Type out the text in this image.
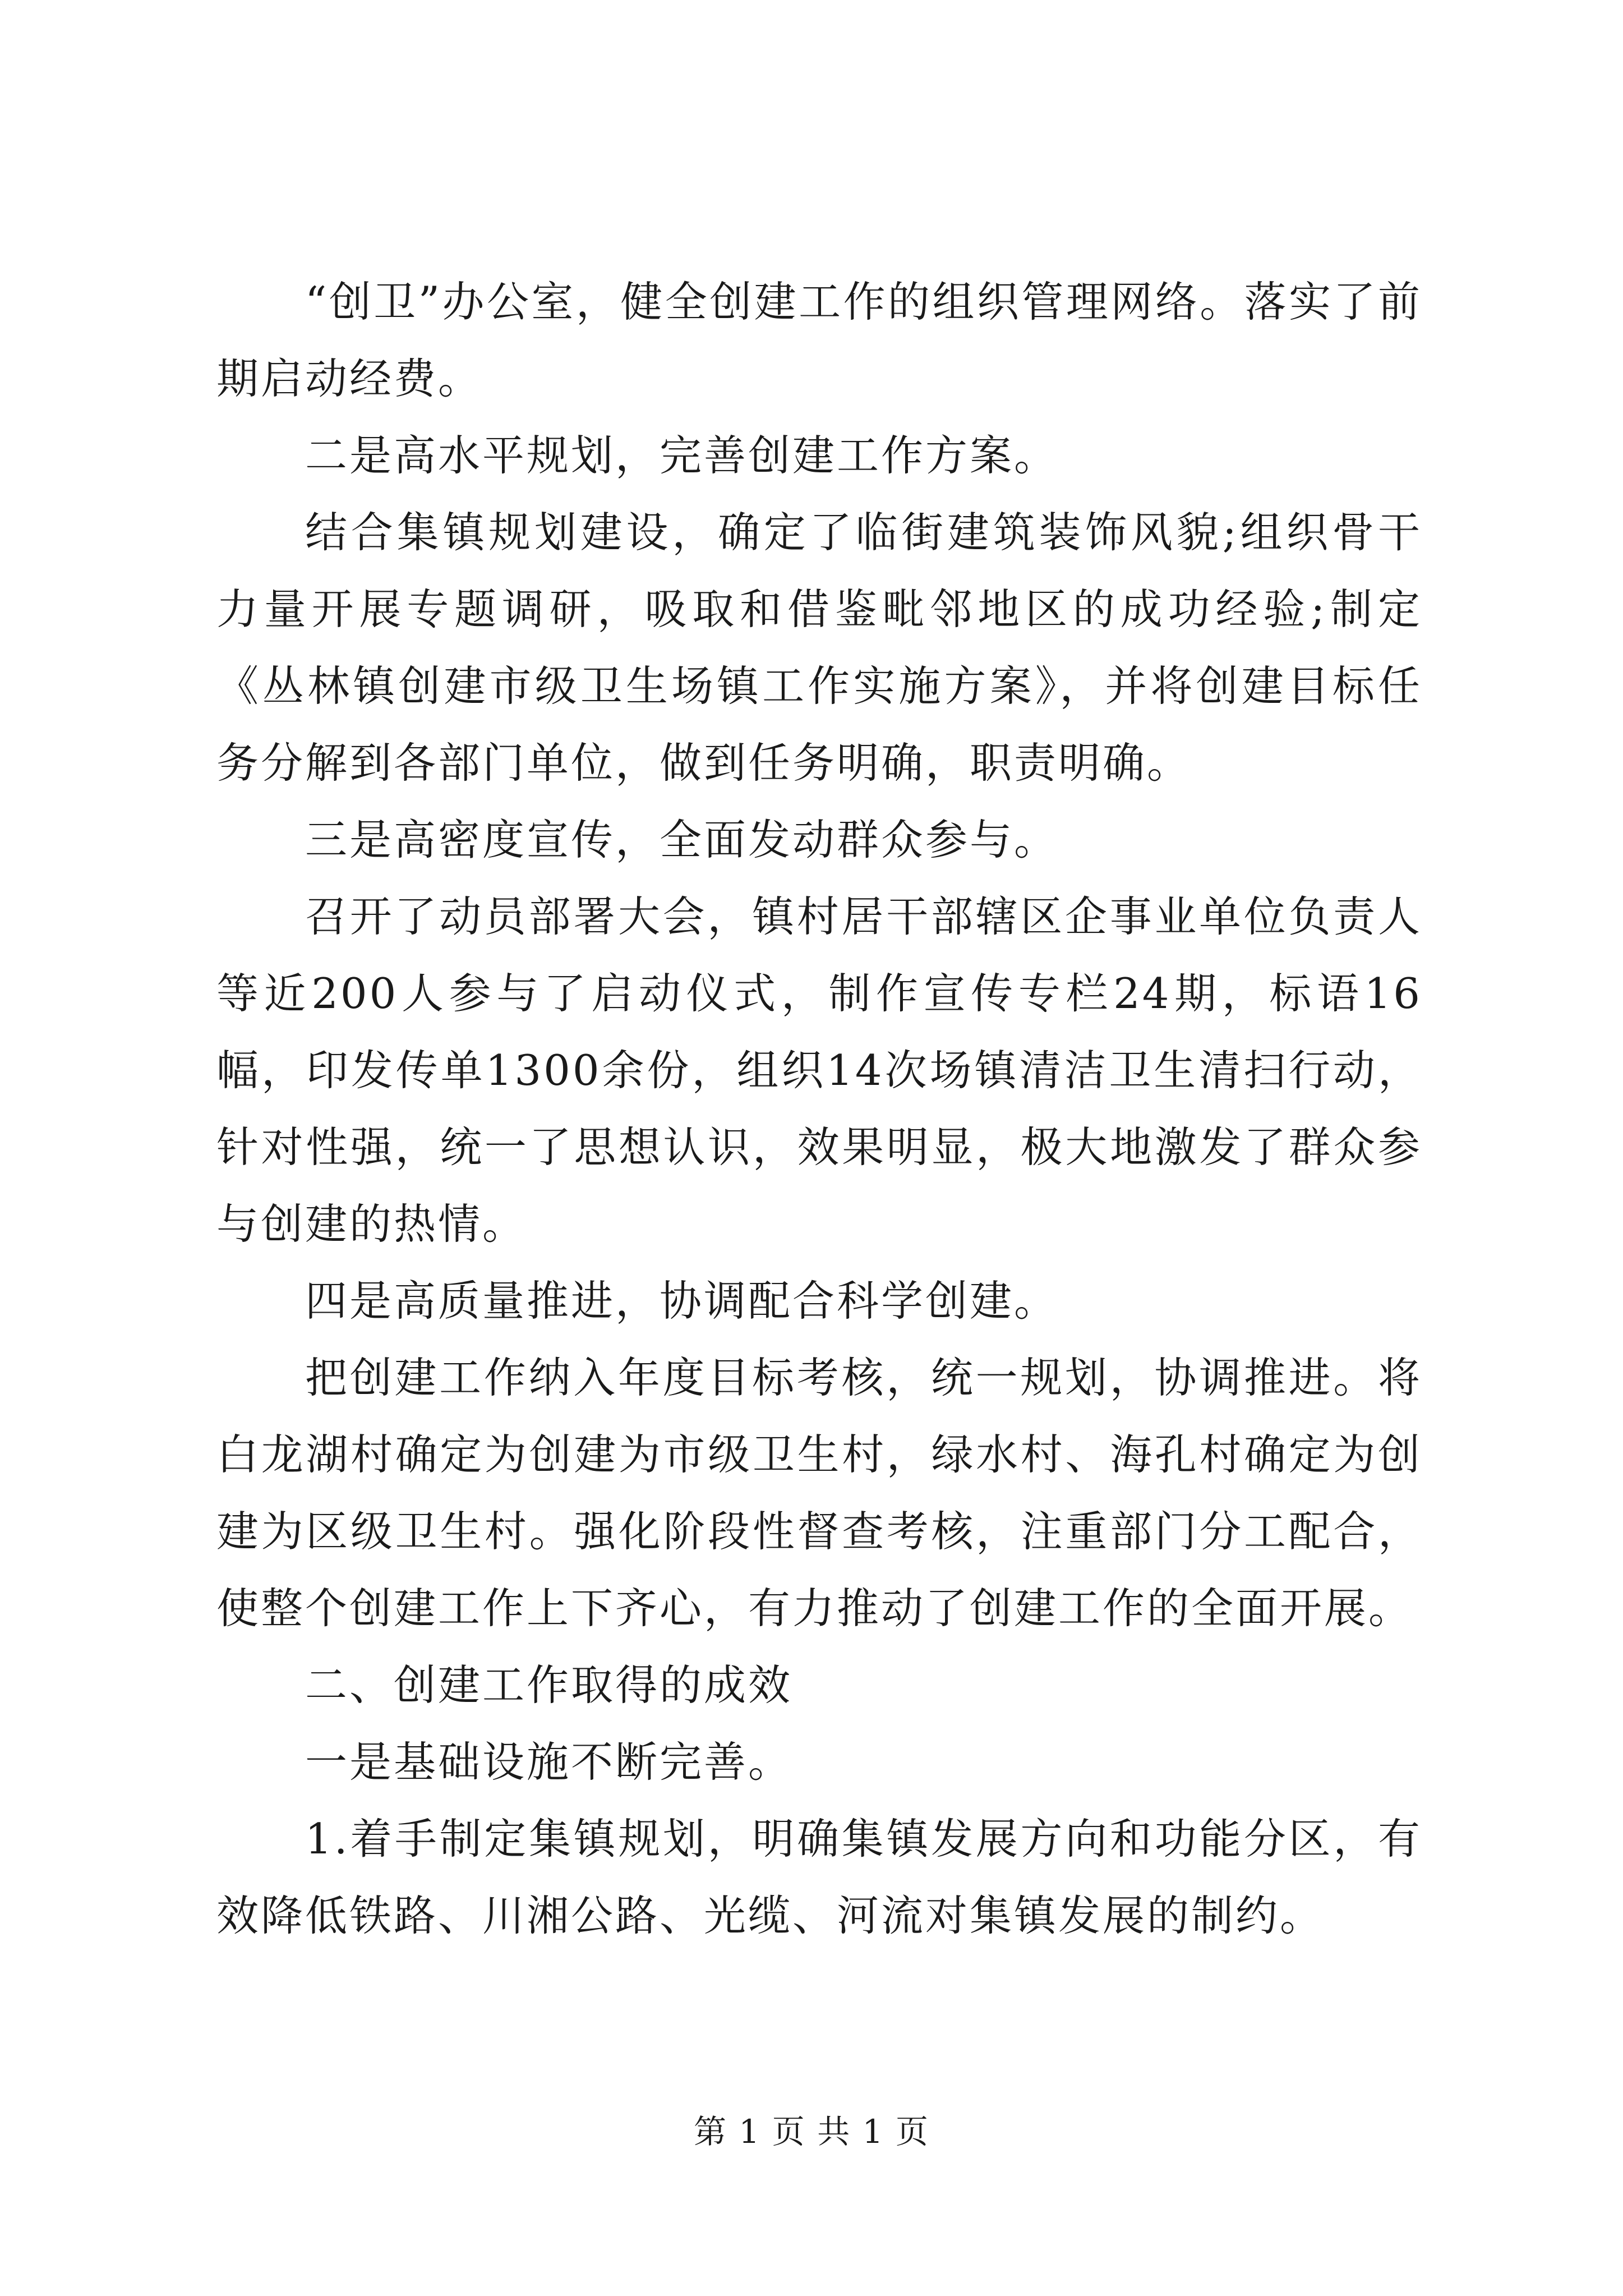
“创卫”办公室，健全创建工作的组织管理网络。落实了前期启动经费。

二是高水平规划，完善创建工作方案。

结合集镇规划建设，确定了临街建筑装饰风貌;组织骨干力量开展专题调研，吸取和借鉴毗邻地区的成功经验;制定《丛林镇创建市级卫生场镇工作实施方案》，并将创建目标任务分解到各部门单位，做到任务明确，职责明确。

三是高密度宣传，全面发动群众参与。

召开了动员部署大会，镇村居干部辖区企事业单位负责人等近200人参与了启动仪式，制作宣传专栏24期，标语16幅，印发传单1300余份，组织14次场镇清洁卫生清扫行动，针对性强，统一了思想认识，效果明显，极大地激发了群众参与创建的热情。

四是高质量推进，协调配合科学创建。

把创建工作纳入年度目标考核，统一规划，协调推进。将白龙湖村确定为创建为市级卫生村，绿水村、海孔村确定为创建为区级卫生村。强化阶段性督查考核，注重部门分工配合，使整个创建工作上下齐心，有力推动了创建工作的全面开展。

二、创建工作取得的成效

一是基础设施不断完善。

1.着手制定集镇规划，明确集镇发展方向和功能分区，有效降低铁路、川湘公路、光缆、河流对集镇发展的制约。

第 1 页 共 1 页
